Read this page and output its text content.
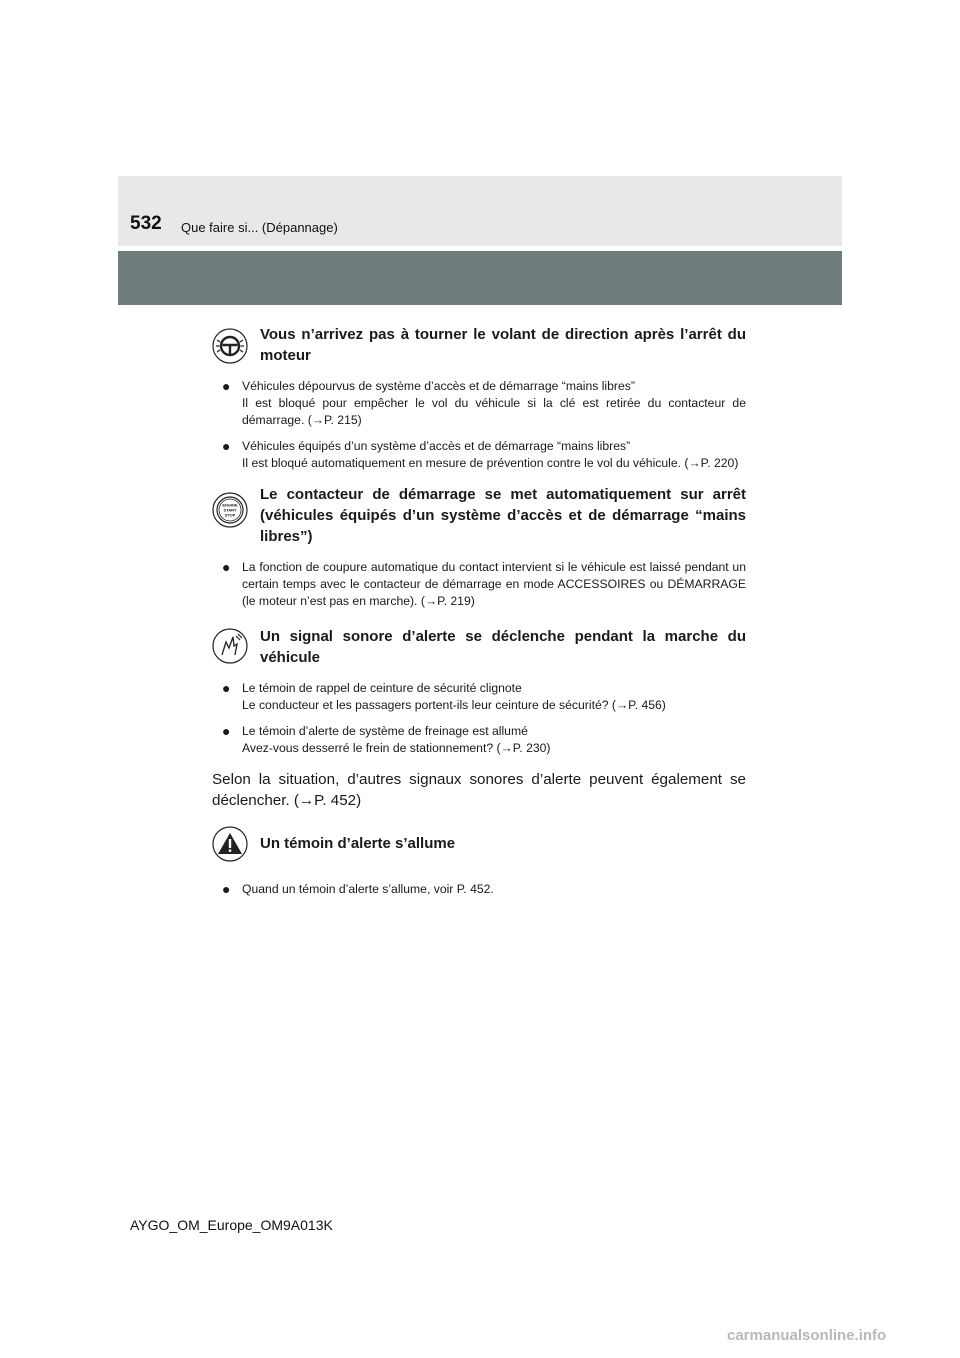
532 Que faire si... (Dépannage)
Vous n’arrivez pas à tourner le volant de direction après l’arrêt du moteur
● Véhicules dépourvus de système d’accès et de démarrage “mains libres”
Il est bloqué pour empêcher le vol du véhicule si la clé est retirée du contacteur de démarrage. (→P. 215)
● Véhicules équipés d’un système d’accès et de démarrage “mains libres”
Il est bloqué automatiquement en mesure de prévention contre le vol du véhicule. (→P. 220)
ENGINE
START
STOP
Le contacteur de démarrage se met automatiquement sur arrêt (véhicules équipés d’un système d’accès et de démarrage “mains libres”)
● La fonction de coupure automatique du contact intervient si le véhicule est laissé pendant un certain temps avec le contacteur de démarrage en mode ACCESSOIRES ou DÉMARRAGE (le moteur n’est pas en marche). (→P. 219)
Un signal sonore d’alerte se déclenche pendant la marche du véhicule
● Le témoin de rappel de ceinture de sécurité clignote
Le conducteur et les passagers portent-ils leur ceinture de sécurité? (→P. 456)
● Le témoin d’alerte de système de freinage est allumé
Avez-vous desserré le frein de stationnement? (→P. 230)

Selon la situation, d’autres signaux sonores d’alerte peuvent également se déclencher. (→P. 452)

Un témoin d’alerte s’allume
● Quand un témoin d’alerte s’allume, voir P. 452.
AYGO_OM_Europe_OM9A013K
carmanualsonline.info
